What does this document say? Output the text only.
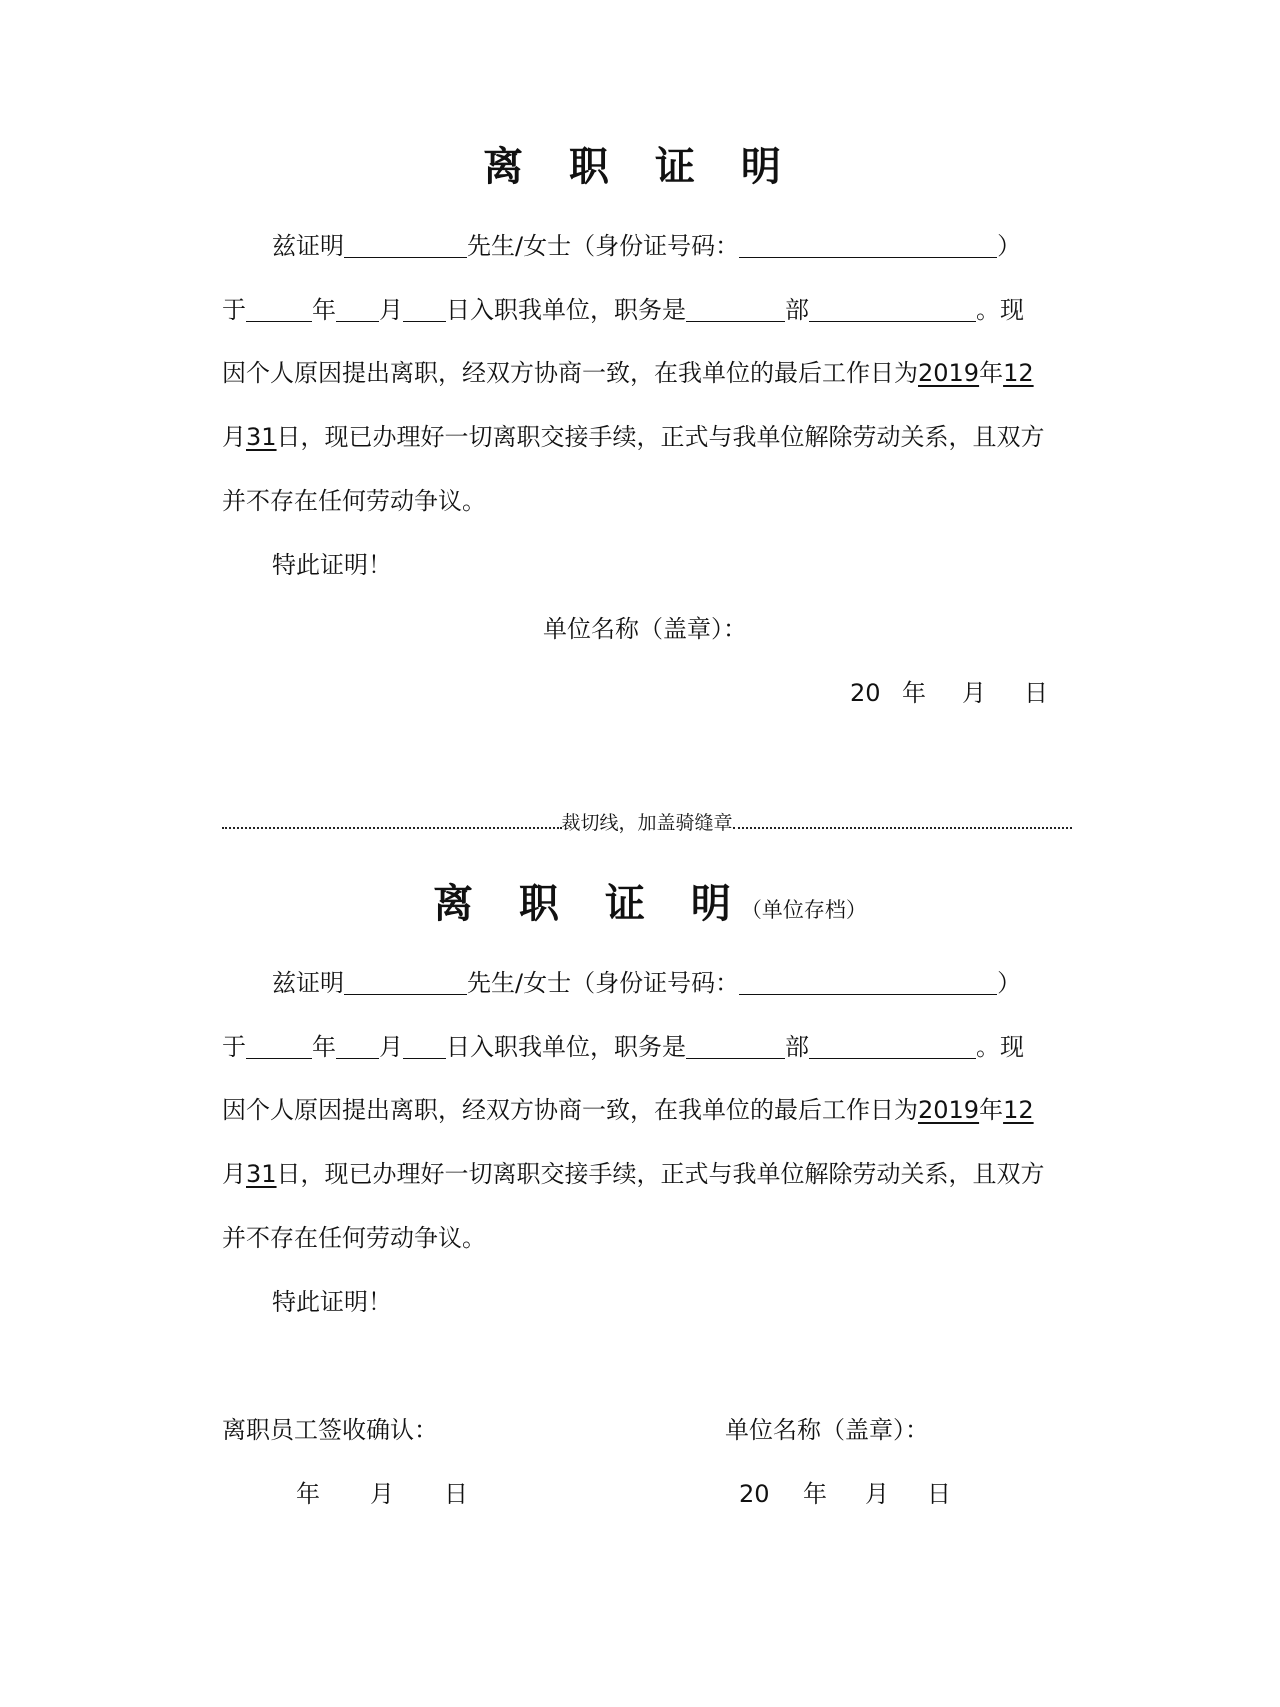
离 职 证 明
兹证明	先生/女士（身份证号码：	）
于	年 月 日入职我单位，职务是	部	。现
因个人原因提出离职，经双方协商一致，在我单位的最后工作日为2019年12
月31日，现已办理好一切离职交接手续，正式与我单位解除劳动关系，且双方
并不存在任何劳动争议。
特此证明！
单位名称（盖章）：
20 年 月 日
裁切线，加盖骑缝章
离 职 证 明（单位存档）
兹证明	先生/女士（身份证号码：	）
于	年 月 日入职我单位，职务是	部	。现
因个人原因提出离职，经双方协商一致，在我单位的最后工作日为2019年12
月31日，现已办理好一切离职交接手续，正式与我单位解除劳动关系，且双方
并不存在任何劳动争议。
特此证明！
离职员工签收确认：	单位名称（盖章）：
年 月 日	20 年 月 日
